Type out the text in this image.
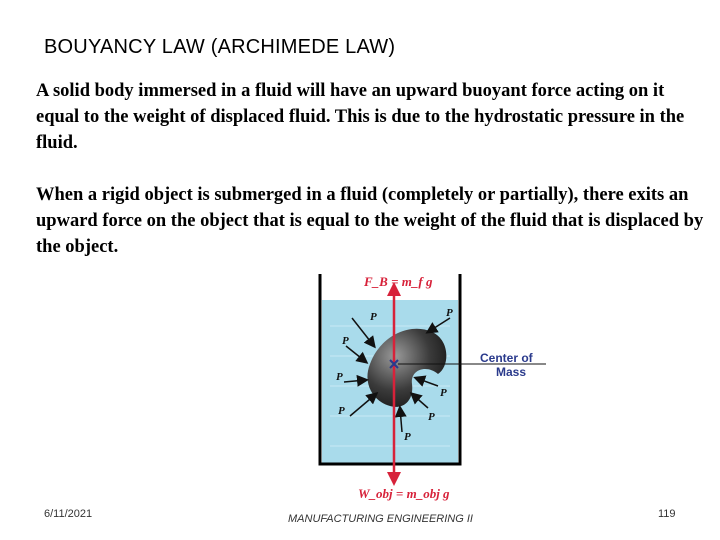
BOUYANCY LAW (ARCHIMEDE LAW)
A solid body immersed in a fluid will have an upward buoyant force acting on it equal to the weight of displaced fluid. This is due to the hydrostatic pressure in the fluid.
When a rigid object is submerged in a fluid (completely or partially), there exits an upward force on the object that is equal to the weight of the fluid that is displaced by the object.
P	P
P
P
P
P
P
P
F_B = m_f g
W_obj = m_obj g
Center of
Mass
6/11/2021	MANUFACTURING ENGINEERING II	119
